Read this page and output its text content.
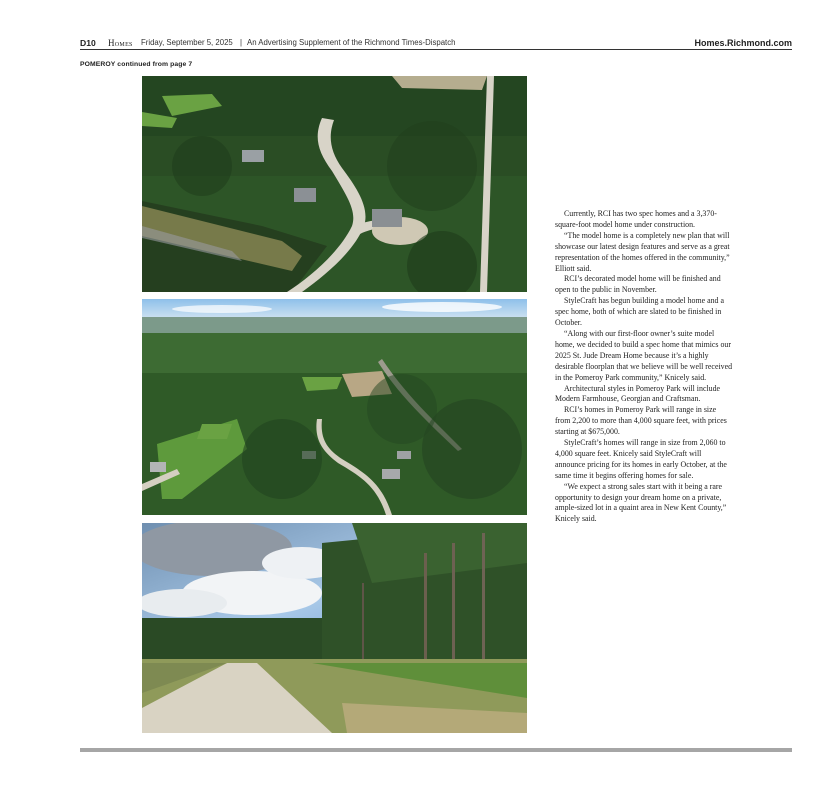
D10 Homes Friday, September 5, 2025 | An Advertising Supplement of the Richmond Times-Dispatch	Homes.Richmond.com
POMEROY continued from page 7

Currently, RCI has two spec homes and a 3,370-square-foot model home under construction.

“The model home is a completely new plan that will showcase our latest design features and serve as a great representation of the homes offered in the community,” Elliott said.

RCI’s decorated model home will be finished and open to the public in November.

StyleCraft has begun building a model home and a spec home, both of which are slated to be finished in October.

“Along with our first-floor owner’s suite model home, we decided to build a spec home that mimics our 2025 St. Jude Dream Home because it’s a highly desirable floorplan that we believe will be well received in the Pomeroy Park community,” Knicely said.

Architectural styles in Pomeroy Park will include Modern Farmhouse, Georgian and Craftsman.

RCI’s homes in Pomeroy Park will range in size from 2,200 to more than 4,000 square feet, with prices starting at $675,000.

StyleCraft’s homes will range in size from 2,060 to 4,000 square feet. Knicely said StyleCraft will announce pricing for its homes in early October, at the same time it begins offering homes for sale.

“We expect a strong sales start with it being a rare opportunity to design your dream home on a private, ample-sized lot in a quaint area in New Kent County,” Knicely said.
